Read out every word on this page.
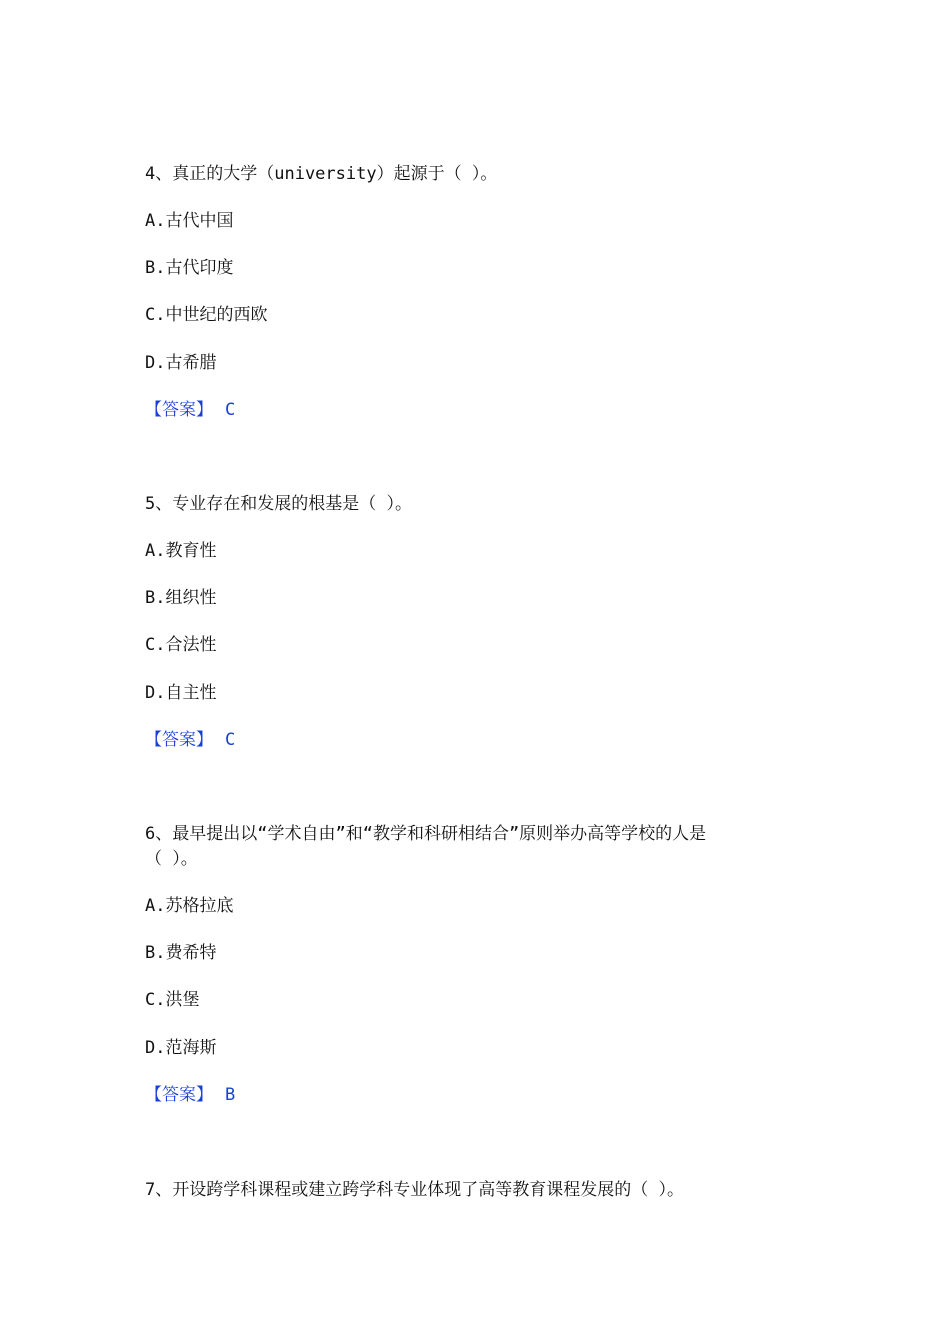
4、真正的大学（university）起源于（ ）。
A.古代中国
B.古代印度
C.中世纪的西欧
D.古希腊
【答案】 C
5、专业存在和发展的根基是（ ）。
A.教育性
B.组织性
C.合法性
D.自主性
【答案】 C
6、最早提出以“学术自由”和“教学和科研相结合”原则举办高等学校的人是
（ ）。
A.苏格拉底
B.费希特
C.洪堡
D.范海斯
【答案】 B
7、开设跨学科课程或建立跨学科专业体现了高等教育课程发展的（ ）。
